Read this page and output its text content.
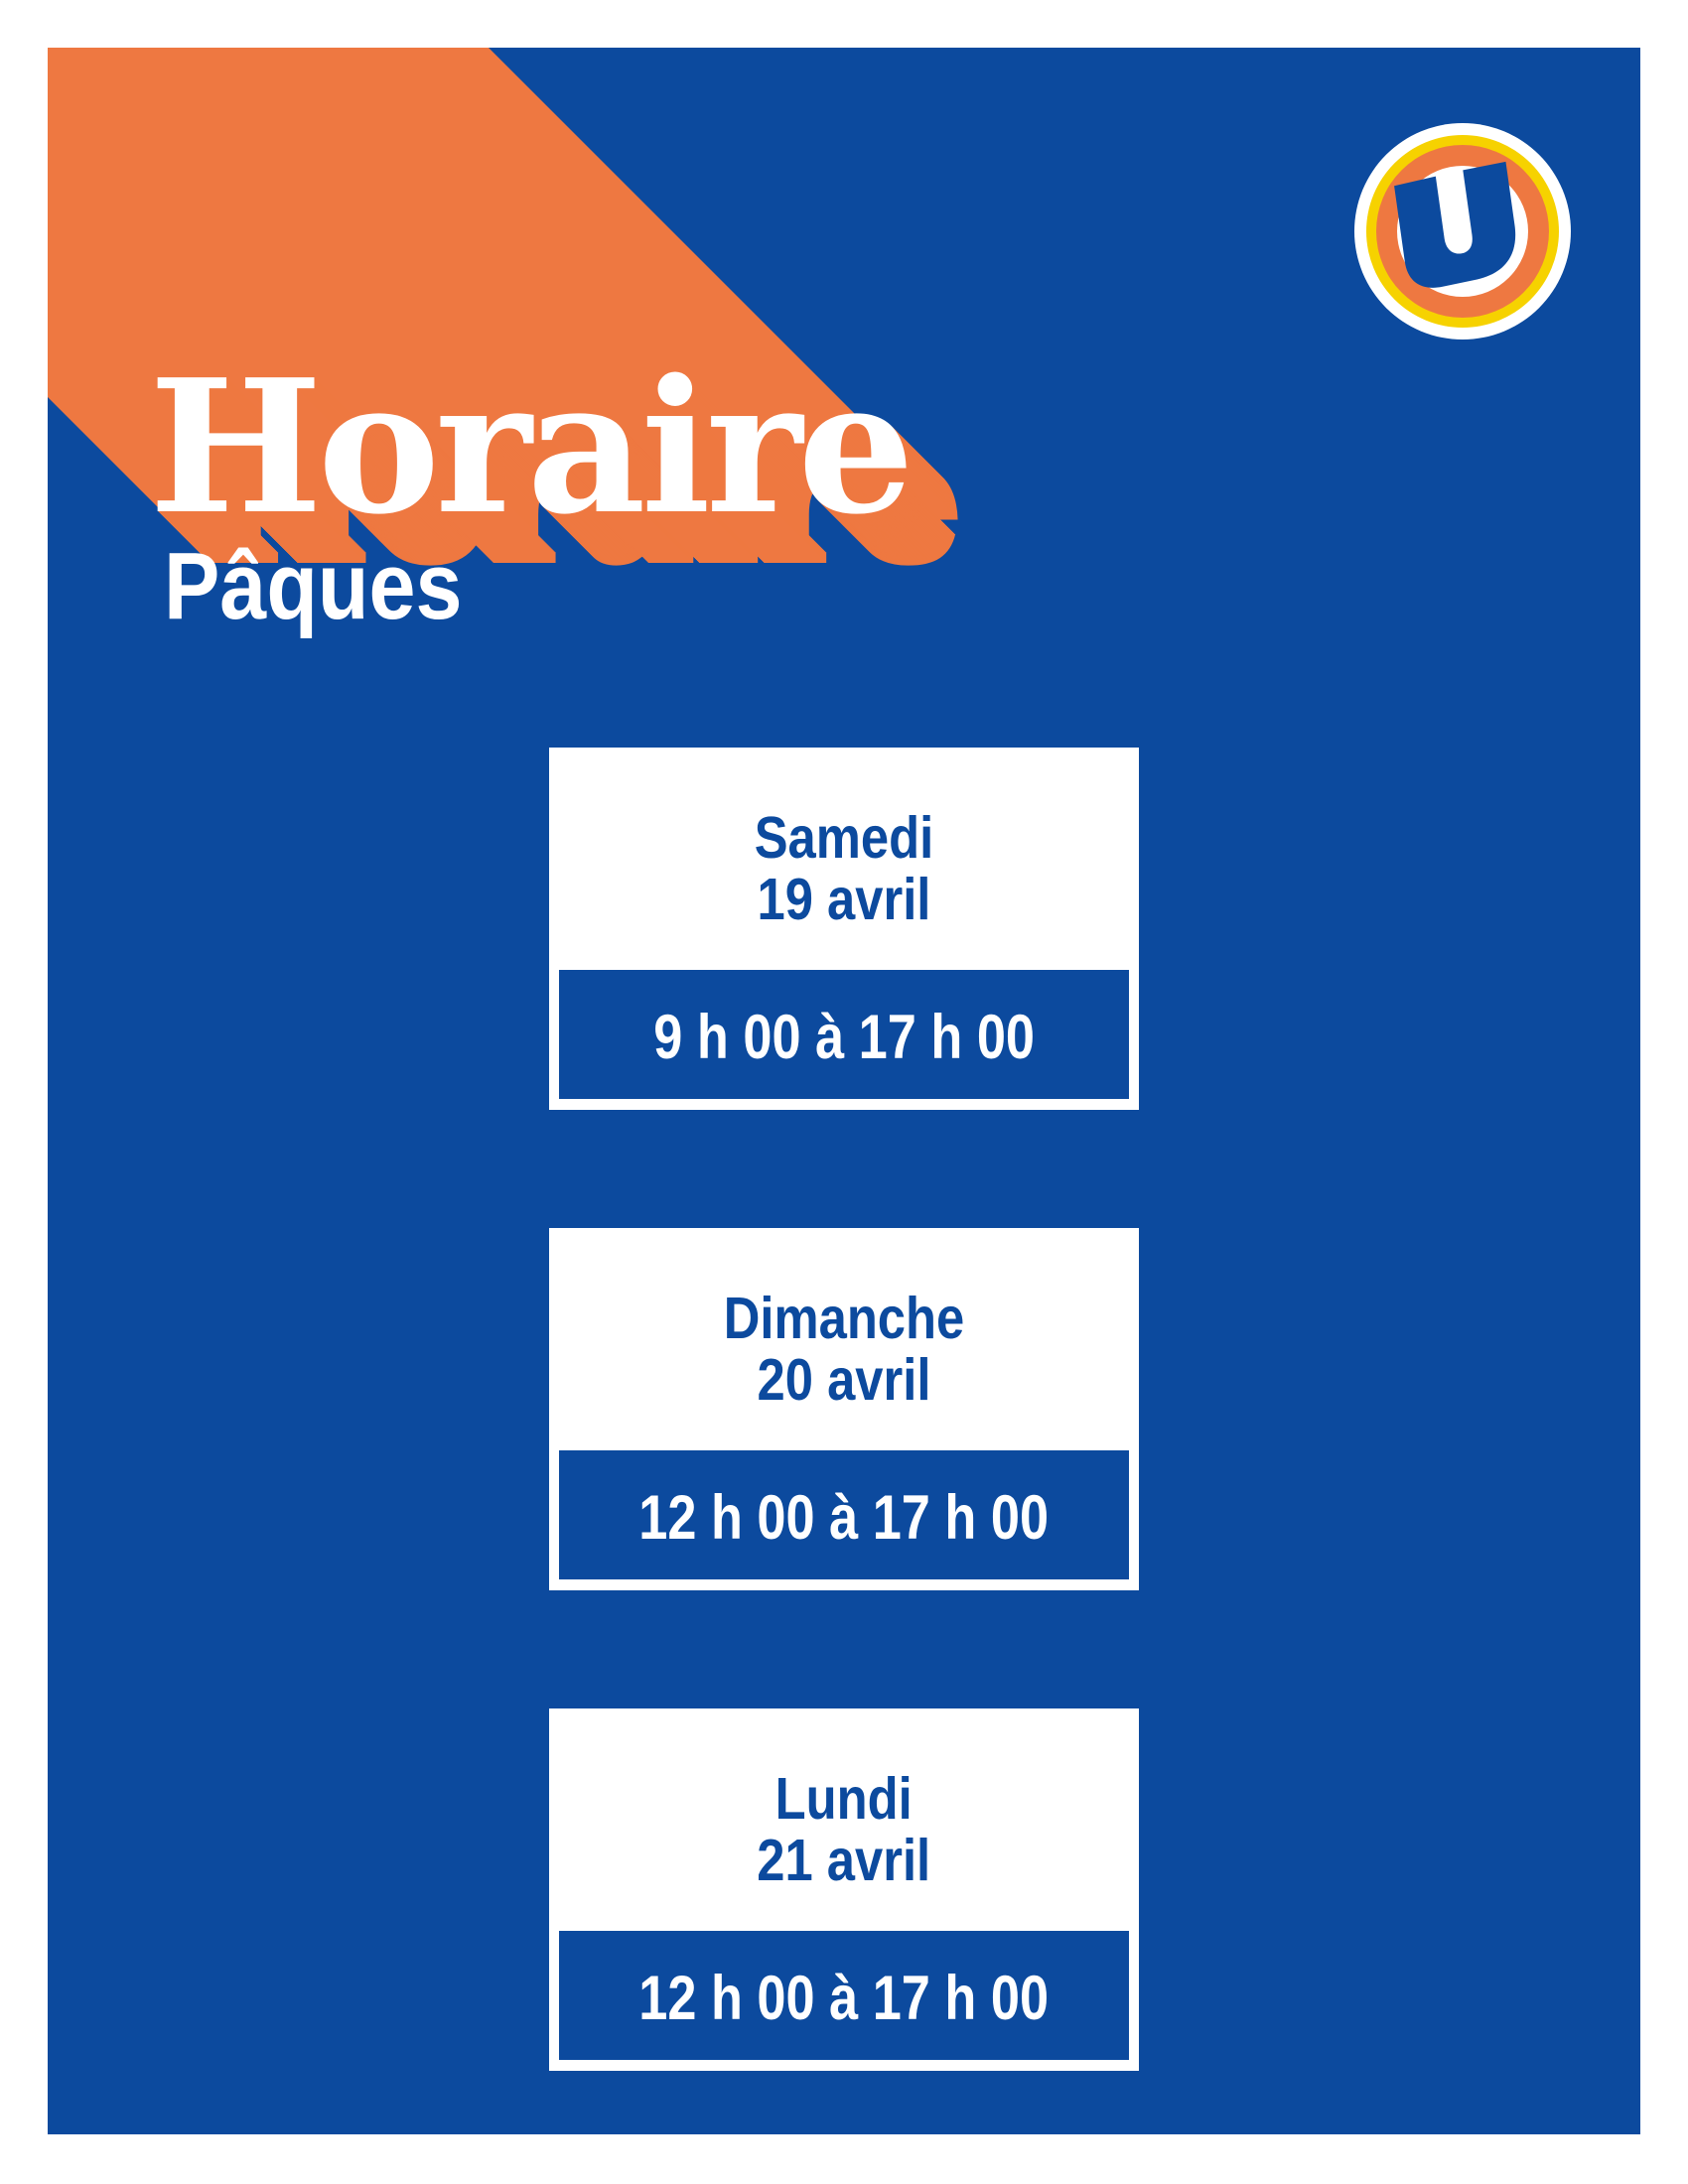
Horaire
Pâques
Samedi
19 avril
9 h 00 à 17 h 00
Dimanche
20 avril
12 h 00 à 17 h 00
Lundi
21 avril
12 h 00 à 17 h 00
